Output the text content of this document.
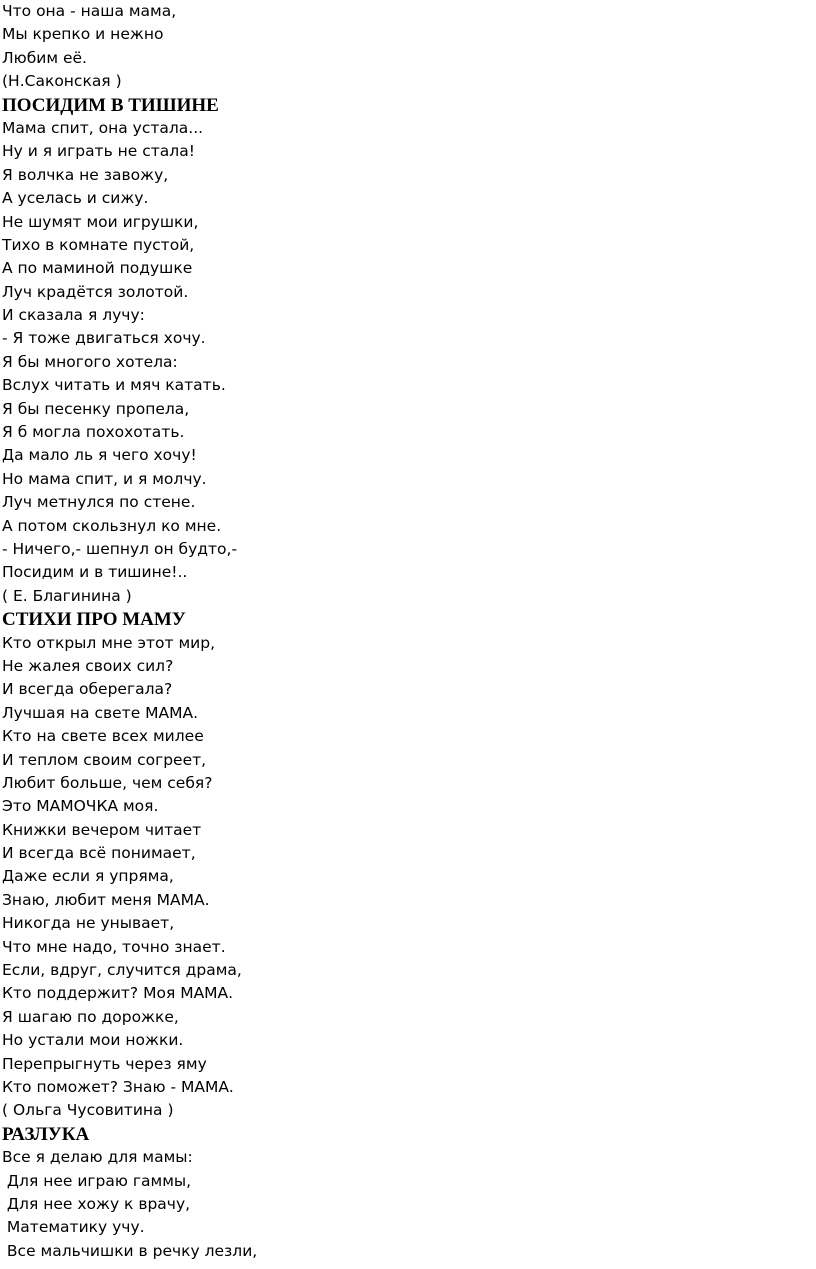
Что она - наша мама,
Мы крепко и нежно
Любим её.
(Н.Саконская )
ПОСИДИМ В ТИШИНЕ
Мама спит, она устала...
Ну и я играть не стала!
Я волчка не завожу,
А уселась и сижу.
Не шумят мои игрушки,
Тихо в комнате пустой,
А по маминой подушке
Луч крадётся золотой.
И сказала я лучу:
- Я тоже двигаться хочу.
Я бы многого хотела:
Вслух читать и мяч катать.
Я бы песенку пропела,
Я б могла похохотать.
Да мало ль я чего хочу!
Но мама спит, и я молчу.
Луч метнулся по стене.
А потом скользнул ко мне.
- Ничего,- шепнул он будто,-
Посидим и в тишине!..
( Е. Благинина )
СТИХИ ПРО МАМУ
Кто открыл мне этот мир,
Не жалея своих сил?
И всегда оберегала?
Лучшая на свете МАМА.
Кто на свете всех милее
И теплом своим согреет,
Любит больше, чем себя?
Это МАМОЧКА моя.
Книжки вечером читает
И всегда всё понимает,
Даже если я упряма,
Знаю, любит меня МАМА.
Никогда не унывает,
Что мне надо, точно знает.
Если, вдруг, случится драма,
Кто поддержит? Моя МАМА.
Я шагаю по дорожке,
Но устали мои ножки.
Перепрыгнуть через яму
Кто поможет? Знаю - МАМА.
( Ольга Чусовитина )
РАЗЛУКА
Все я делаю для мамы:
Для нее играю гаммы,
Для нее хожу к врачу,
Математику учу.
Все мальчишки в речку лезли,
